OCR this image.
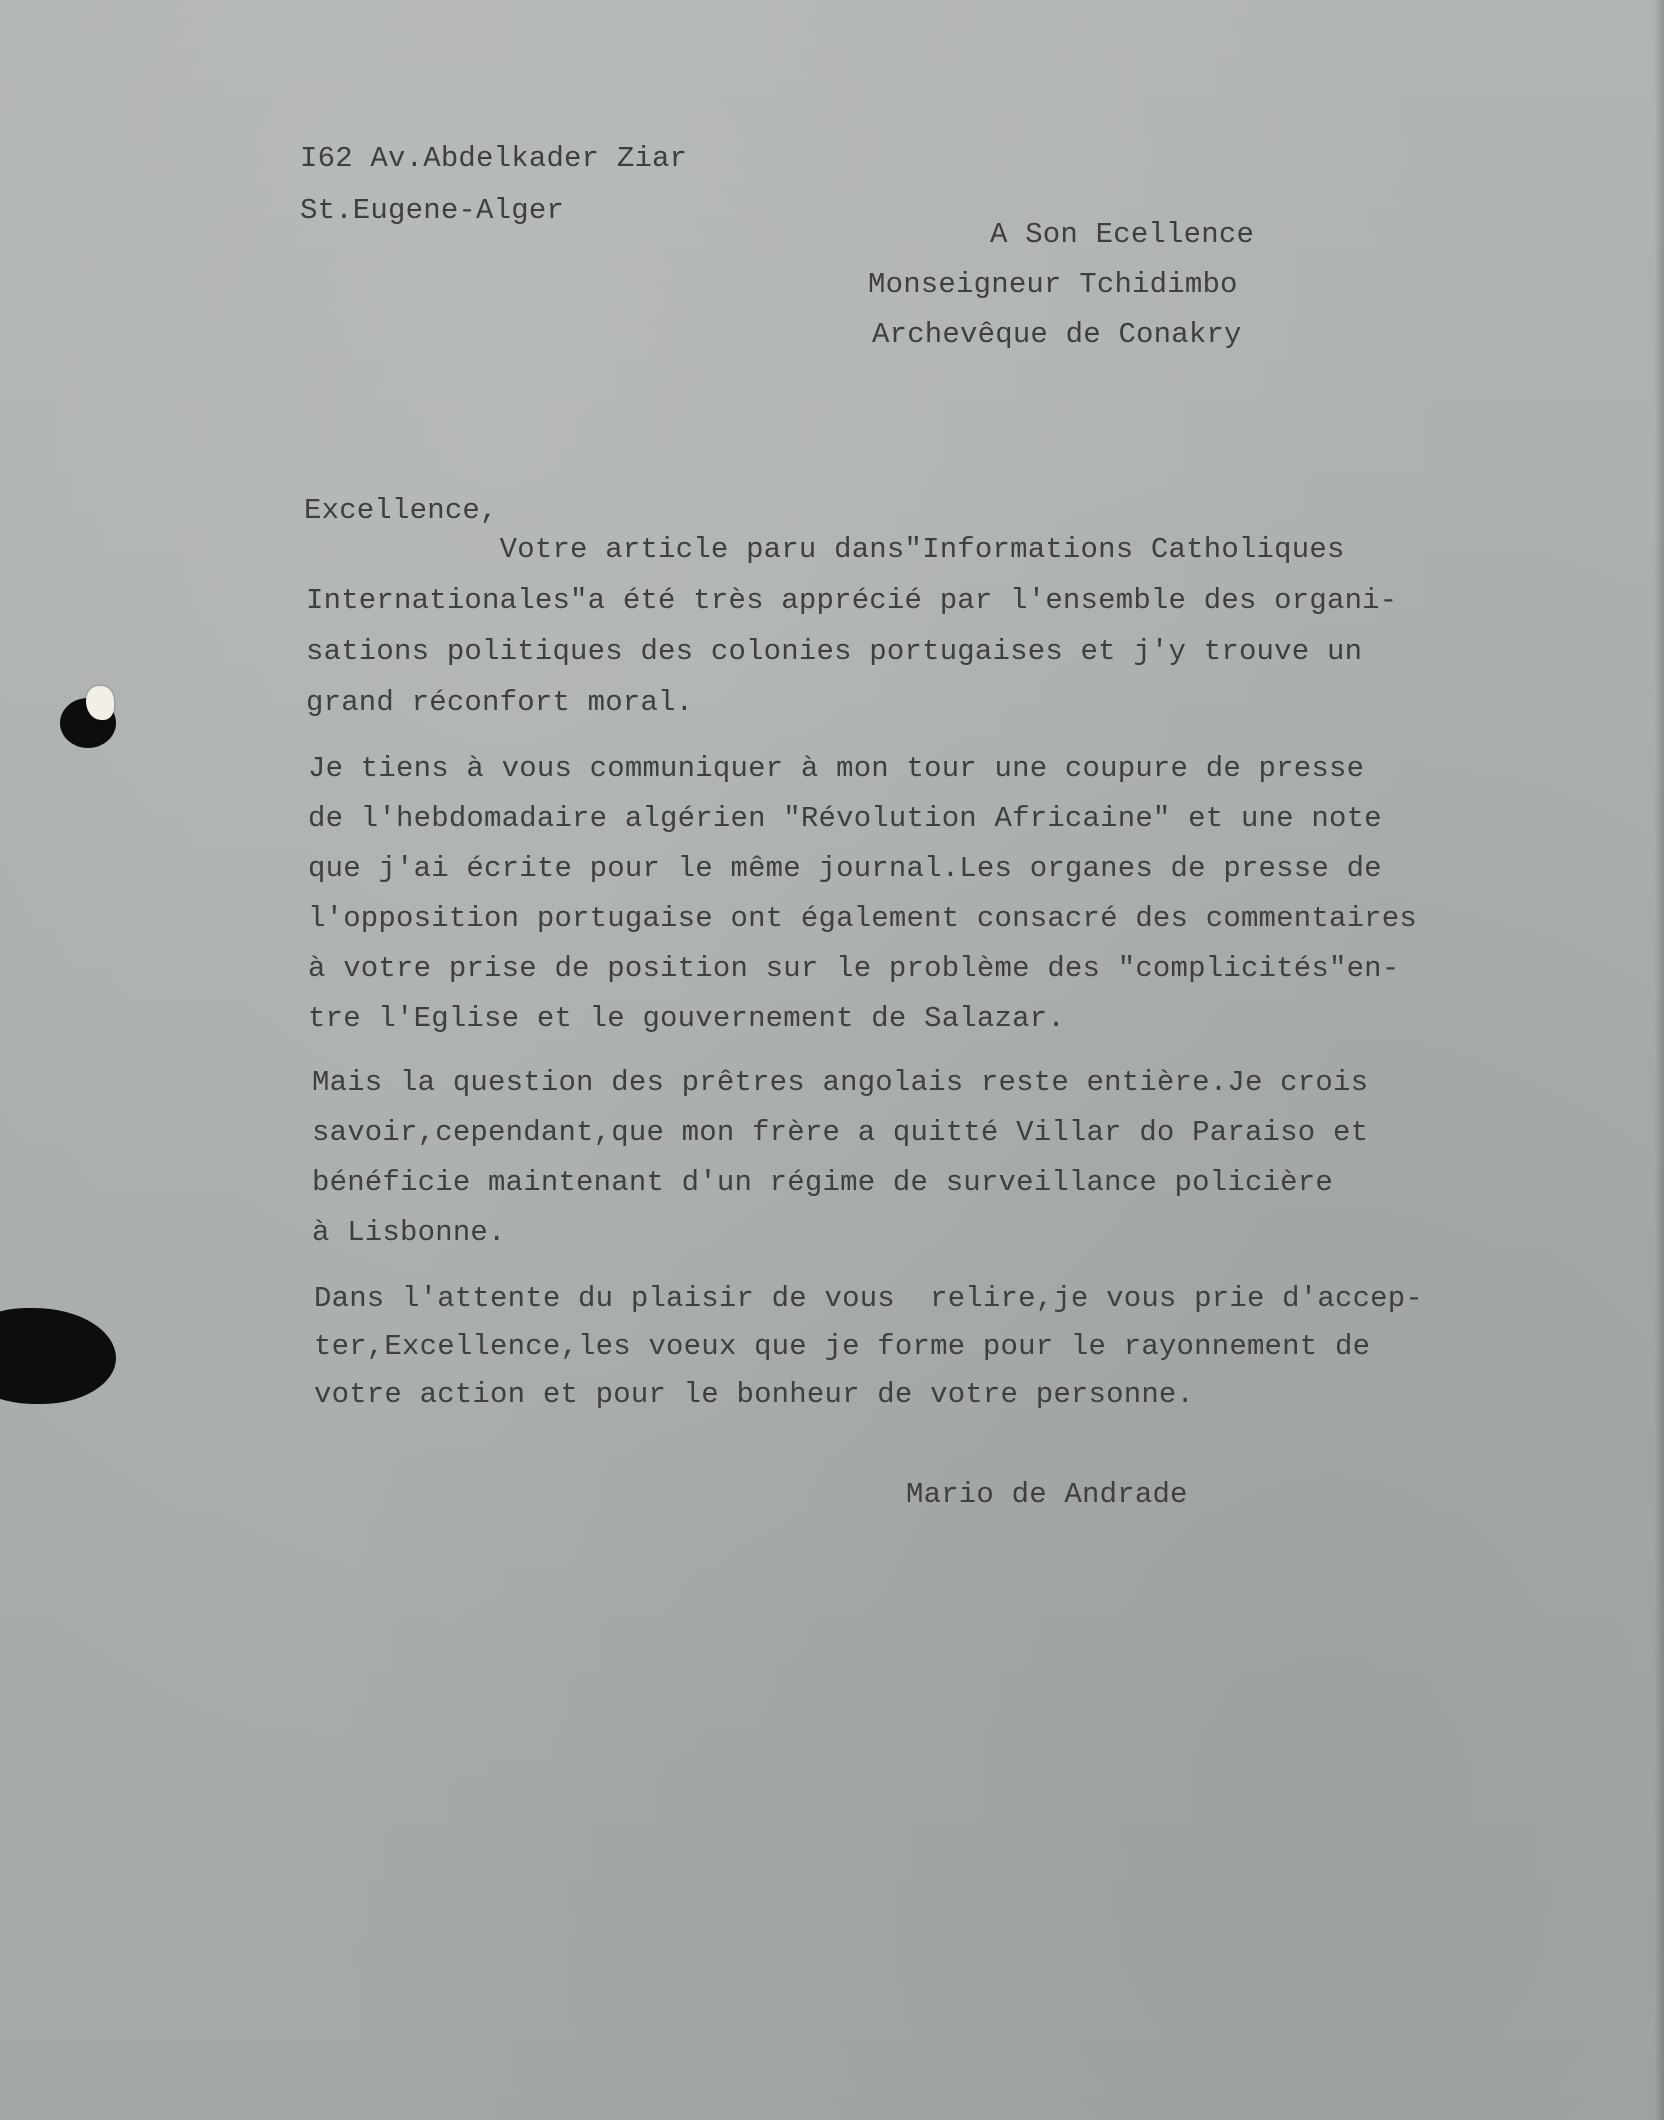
I62 Av.Abdelkader Ziar
St.Eugene-Alger
A Son Ecellence
Monseigneur Tchidimbo
Archevêque de Conakry
Excellence,

Votre article paru dans"Informations Catholiques

Internationales"a été très apprécié par l'ensemble des organi-

sations politiques des colonies portugaises et j'y trouve un

grand réconfort moral.

Je tiens à vous communiquer à mon tour une coupure de presse

de l'hebdomadaire algérien "Révolution Africaine" et une note

que j'ai écrite pour le même journal.Les organes de presse de

l'opposition portugaise ont également consacré des commentaires

à votre prise de position sur le problème des "complicités"en-

tre l'Eglise et le gouvernement de Salazar.

Mais la question des prêtres angolais reste entière.Je crois

savoir,cependant,que mon frère a quitté Villar do Paraiso et

bénéficie maintenant d'un régime de surveillance policière

à Lisbonne.

Dans l'attente du plaisir de vous  relire,je vous prie d'accep-

ter,Excellence,les voeux que je forme pour le rayonnement de

votre action et pour le bonheur de votre personne.

Mario de Andrade
